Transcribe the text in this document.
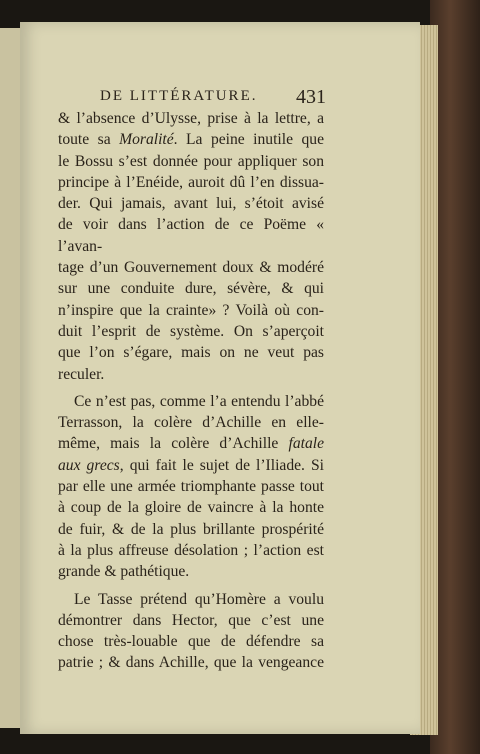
DE LITTÉRATURE.	431

& l’absence d’Ulysse, prise à la lettre, a

toute sa Moralité. La peine inutile que

le Bossu s’est donnée pour appliquer son

principe à l’Enéide, auroit dû l’en dissua-

der. Qui jamais, avant lui, s’étoit avisé

de voir dans l’action de ce Poëme « l’avan-

tage d’un Gouvernement doux & modéré

sur une conduite dure, sévère, & qui

n’inspire que la crainte» ? Voilà où con-

duit l’esprit de système. On s’aperçoit

que l’on s’égare, mais on ne veut pas

reculer.

Ce n’est pas, comme l’a entendu l’abbé

Terrasson, la colère d’Achille en elle-

même, mais la colère d’Achille fatale

aux grecs, qui fait le sujet de l’Iliade. Si

par elle une armée triomphante passe tout

à coup de la gloire de vaincre à la honte

de fuir, & de la plus brillante prospérité

à la plus affreuse désolation ; l’action est

grande & pathétique.

Le Tasse prétend qu’Homère a voulu

démontrer dans Hector, que c’est une

chose très-louable que de défendre sa

patrie ; & dans Achille, que la vengeance
